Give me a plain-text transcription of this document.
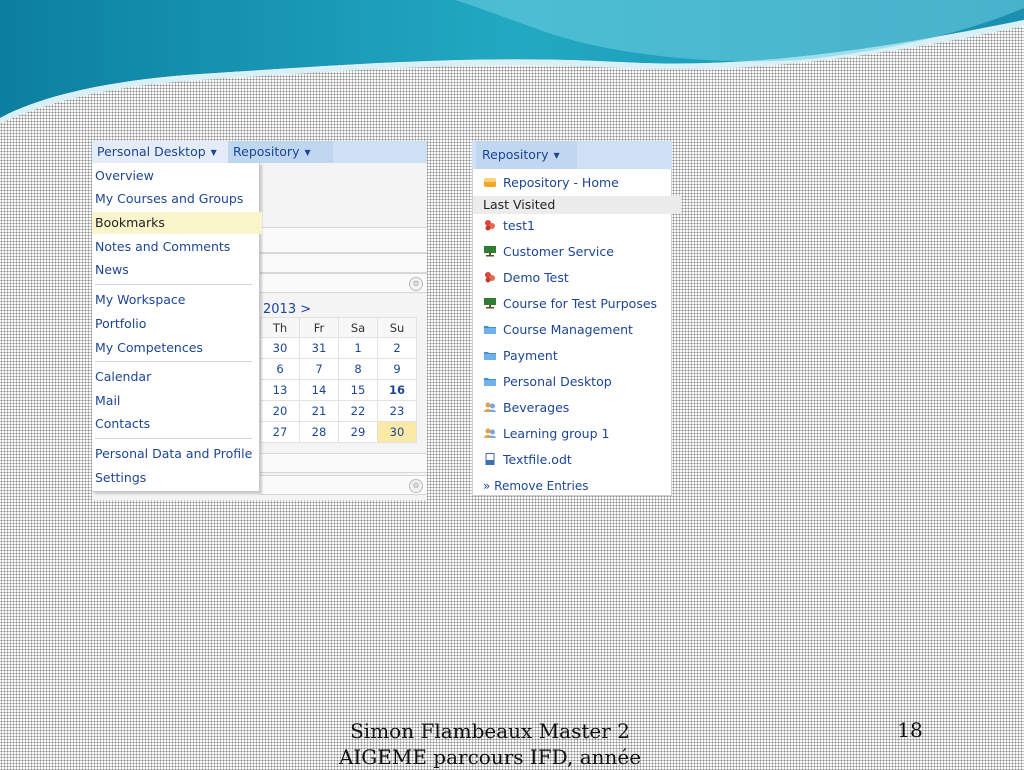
Personal Desktop ▼	Repository ▼
⚙
2013 >
Th	Fr	Sa	Su
30	31	1	2
6	7	8	9
13	14	15	16
20	21	22	23
27	28	29	30
⚙
Overview
My Courses and Groups
Bookmarks
Notes and Comments
News
My Workspace
Portfolio
My Competences
Calendar
Mail
Contacts
Personal Data and Profile
Settings
Repository ▼
Repository - Home
Last Visited
test1
Customer Service
Demo Test
Course for Test Purposes
Course Management
Payment
Personal Desktop
Beverages
Learning group 1
Textfile.odt
» Remove Entries
Simon Flambeaux Master 2
AIGEME parcours IFD, année
18
